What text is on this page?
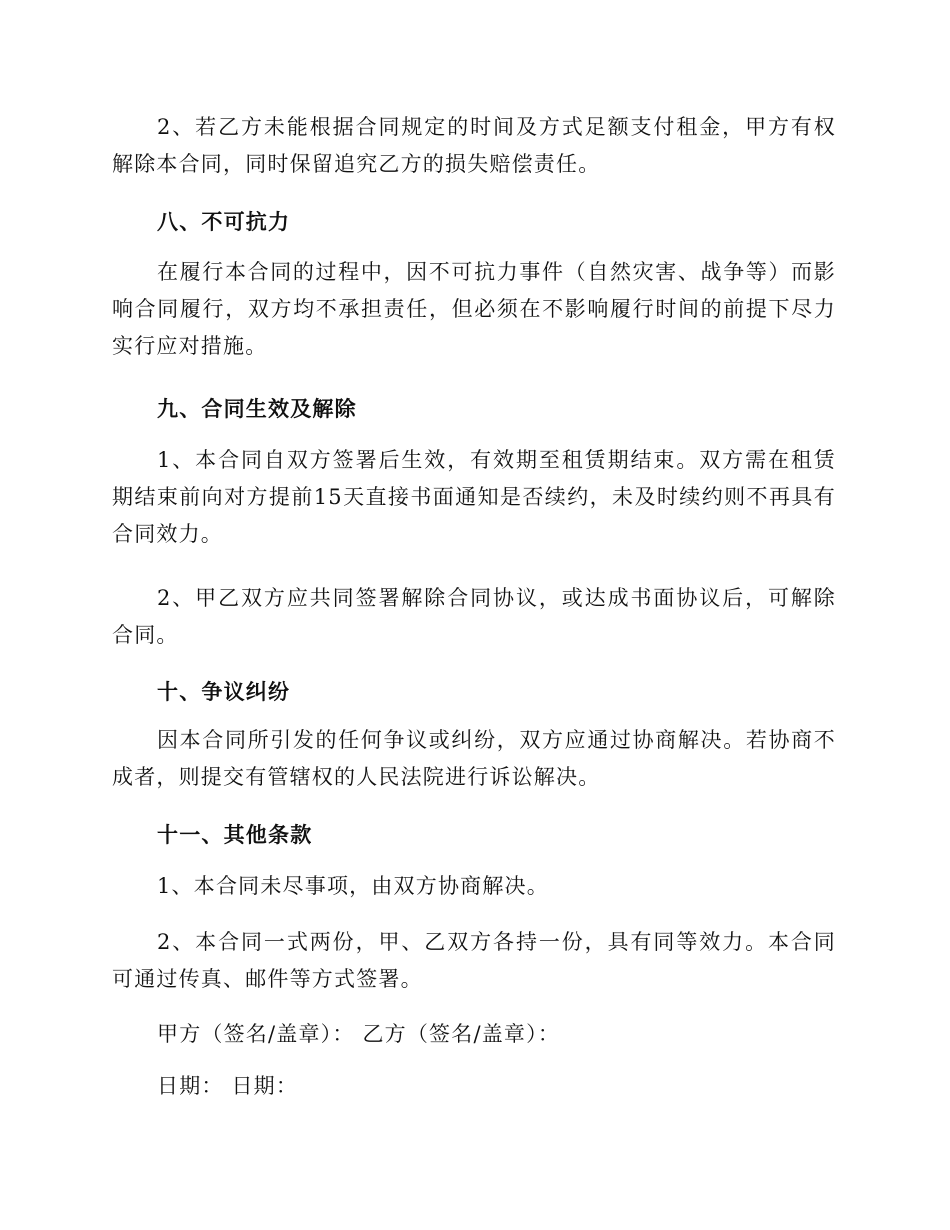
2、若乙方未能根据合同规定的时间及方式足额支付租金，甲方有权解除本合同，同时保留追究乙方的损失赔偿责任。
八、不可抗力
在履行本合同的过程中，因不可抗力事件（自然灾害、战争等）而影响合同履行，双方均不承担责任，但必须在不影响履行时间的前提下尽力实行应对措施。
九、合同生效及解除
1、本合同自双方签署后生效，有效期至租赁期结束。双方需在租赁期结束前向对方提前15天直接书面通知是否续约，未及时续约则不再具有合同效力。
2、甲乙双方应共同签署解除合同协议，或达成书面协议后，可解除合同。
十、争议纠纷
因本合同所引发的任何争议或纠纷，双方应通过协商解决。若协商不成者，则提交有管辖权的人民法院进行诉讼解决。
十一、其他条款
1、本合同未尽事项，由双方协商解决。
2、本合同一式两份，甲、乙双方各持一份，具有同等效力。本合同可通过传真、邮件等方式签署。
甲方（签名/盖章）： 乙方（签名/盖章）：
日期： 日期：
